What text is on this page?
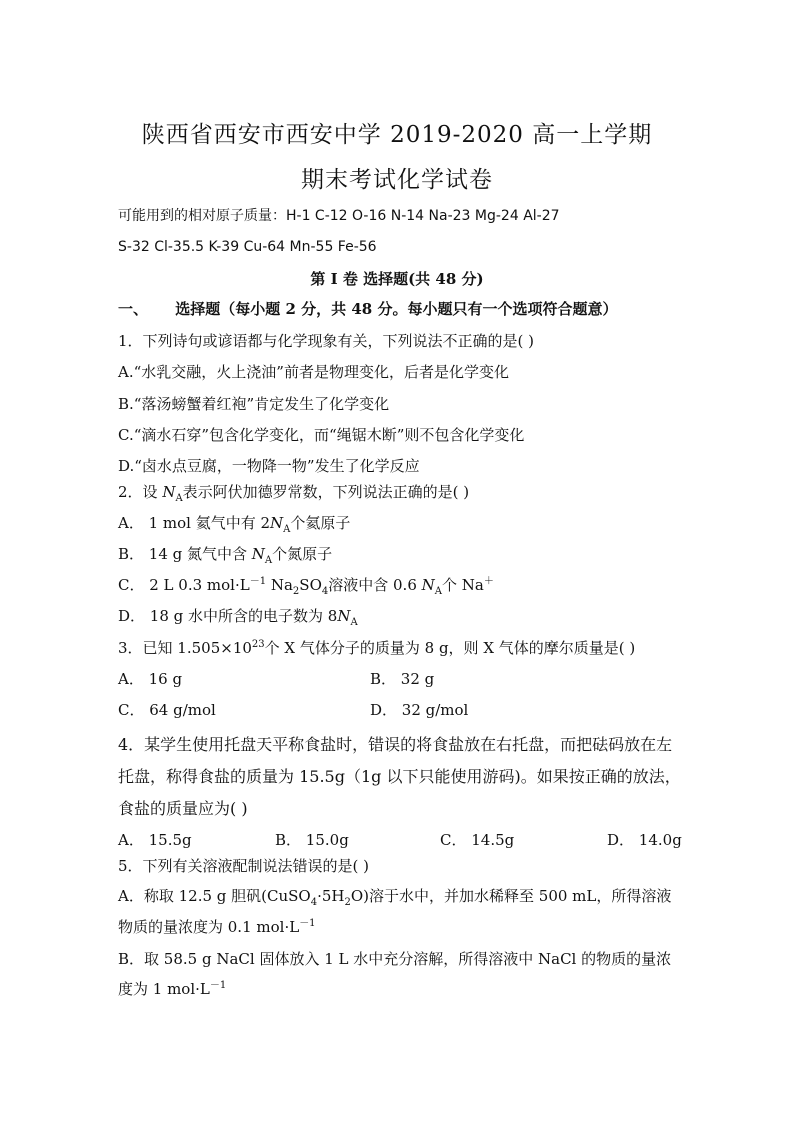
陕西省西安市西安中学 2019-2020 高一上学期
期末考试化学试卷
可能用到的相对原子质量：H-1 C-12 O-16 N-14 Na-23 Mg-24 Al-27
S-32 Cl-35.5 K-39 Cu-64 Mn-55 Fe-56
第 I 卷 选择题(共 48 分)
一、 选择题（每小题 2 分，共 48 分。每小题只有一个选项符合题意）
1．下列诗句或谚语都与化学现象有关，下列说法不正确的是( )
A.“水乳交融，火上浇油”前者是物理变化，后者是化学变化
B.“落汤螃蟹着红袍”肯定发生了化学变化
C.“滴水石穿”包含化学变化，而“绳锯木断”则不包含化学变化
D.“卤水点豆腐，一物降一物”发生了化学反应
2．设 $N_A$表示阿伏加德罗常数，下列说法正确的是( )
A． 1 mol 氦气中有 $2N_A$个氦原子
B． 14 g 氮气中含 $N_A$个氮原子
C． 2 L 0.3 $mol\cdot L^{-1}$ $Na_2SO_4$溶液中含 0.6 $N_A$个 Na＋
D． 18 g 水中所含的电子数为 $8N_A$
3．已知 $1.505\times 10^{23}$个 X 气体分子的质量为 8 g，则 X 气体的摩尔质量是( )
A． 16 g	B． 32 g
C． 64 g/mol	D． 32 g/mol
4．某学生使用托盘天平称食盐时，错误的将食盐放在右托盘，而把砝码放在左
托盘，称得食盐的质量为 15.5g（1g 以下只能使用游码)。如果按正确的放法，
食盐的质量应为( )
A． 15.5g	B． 15.0g	C． 14.5g	D． 14.0g
5．下列有关溶液配制说法错误的是( )
A．称取 12.5 g 胆矾$(CuSO_4\cdot 5H_2O)$溶于水中，并加水稀释至 500 mL，所得溶液
物质的量浓度为 0.1 $mol\cdot L^{-1}$
B．取 58.5 g NaCl 固体放入 1 L 水中充分溶解，所得溶液中 NaCl 的物质的量浓
度为 1 $mol\cdot L^{-1}$
